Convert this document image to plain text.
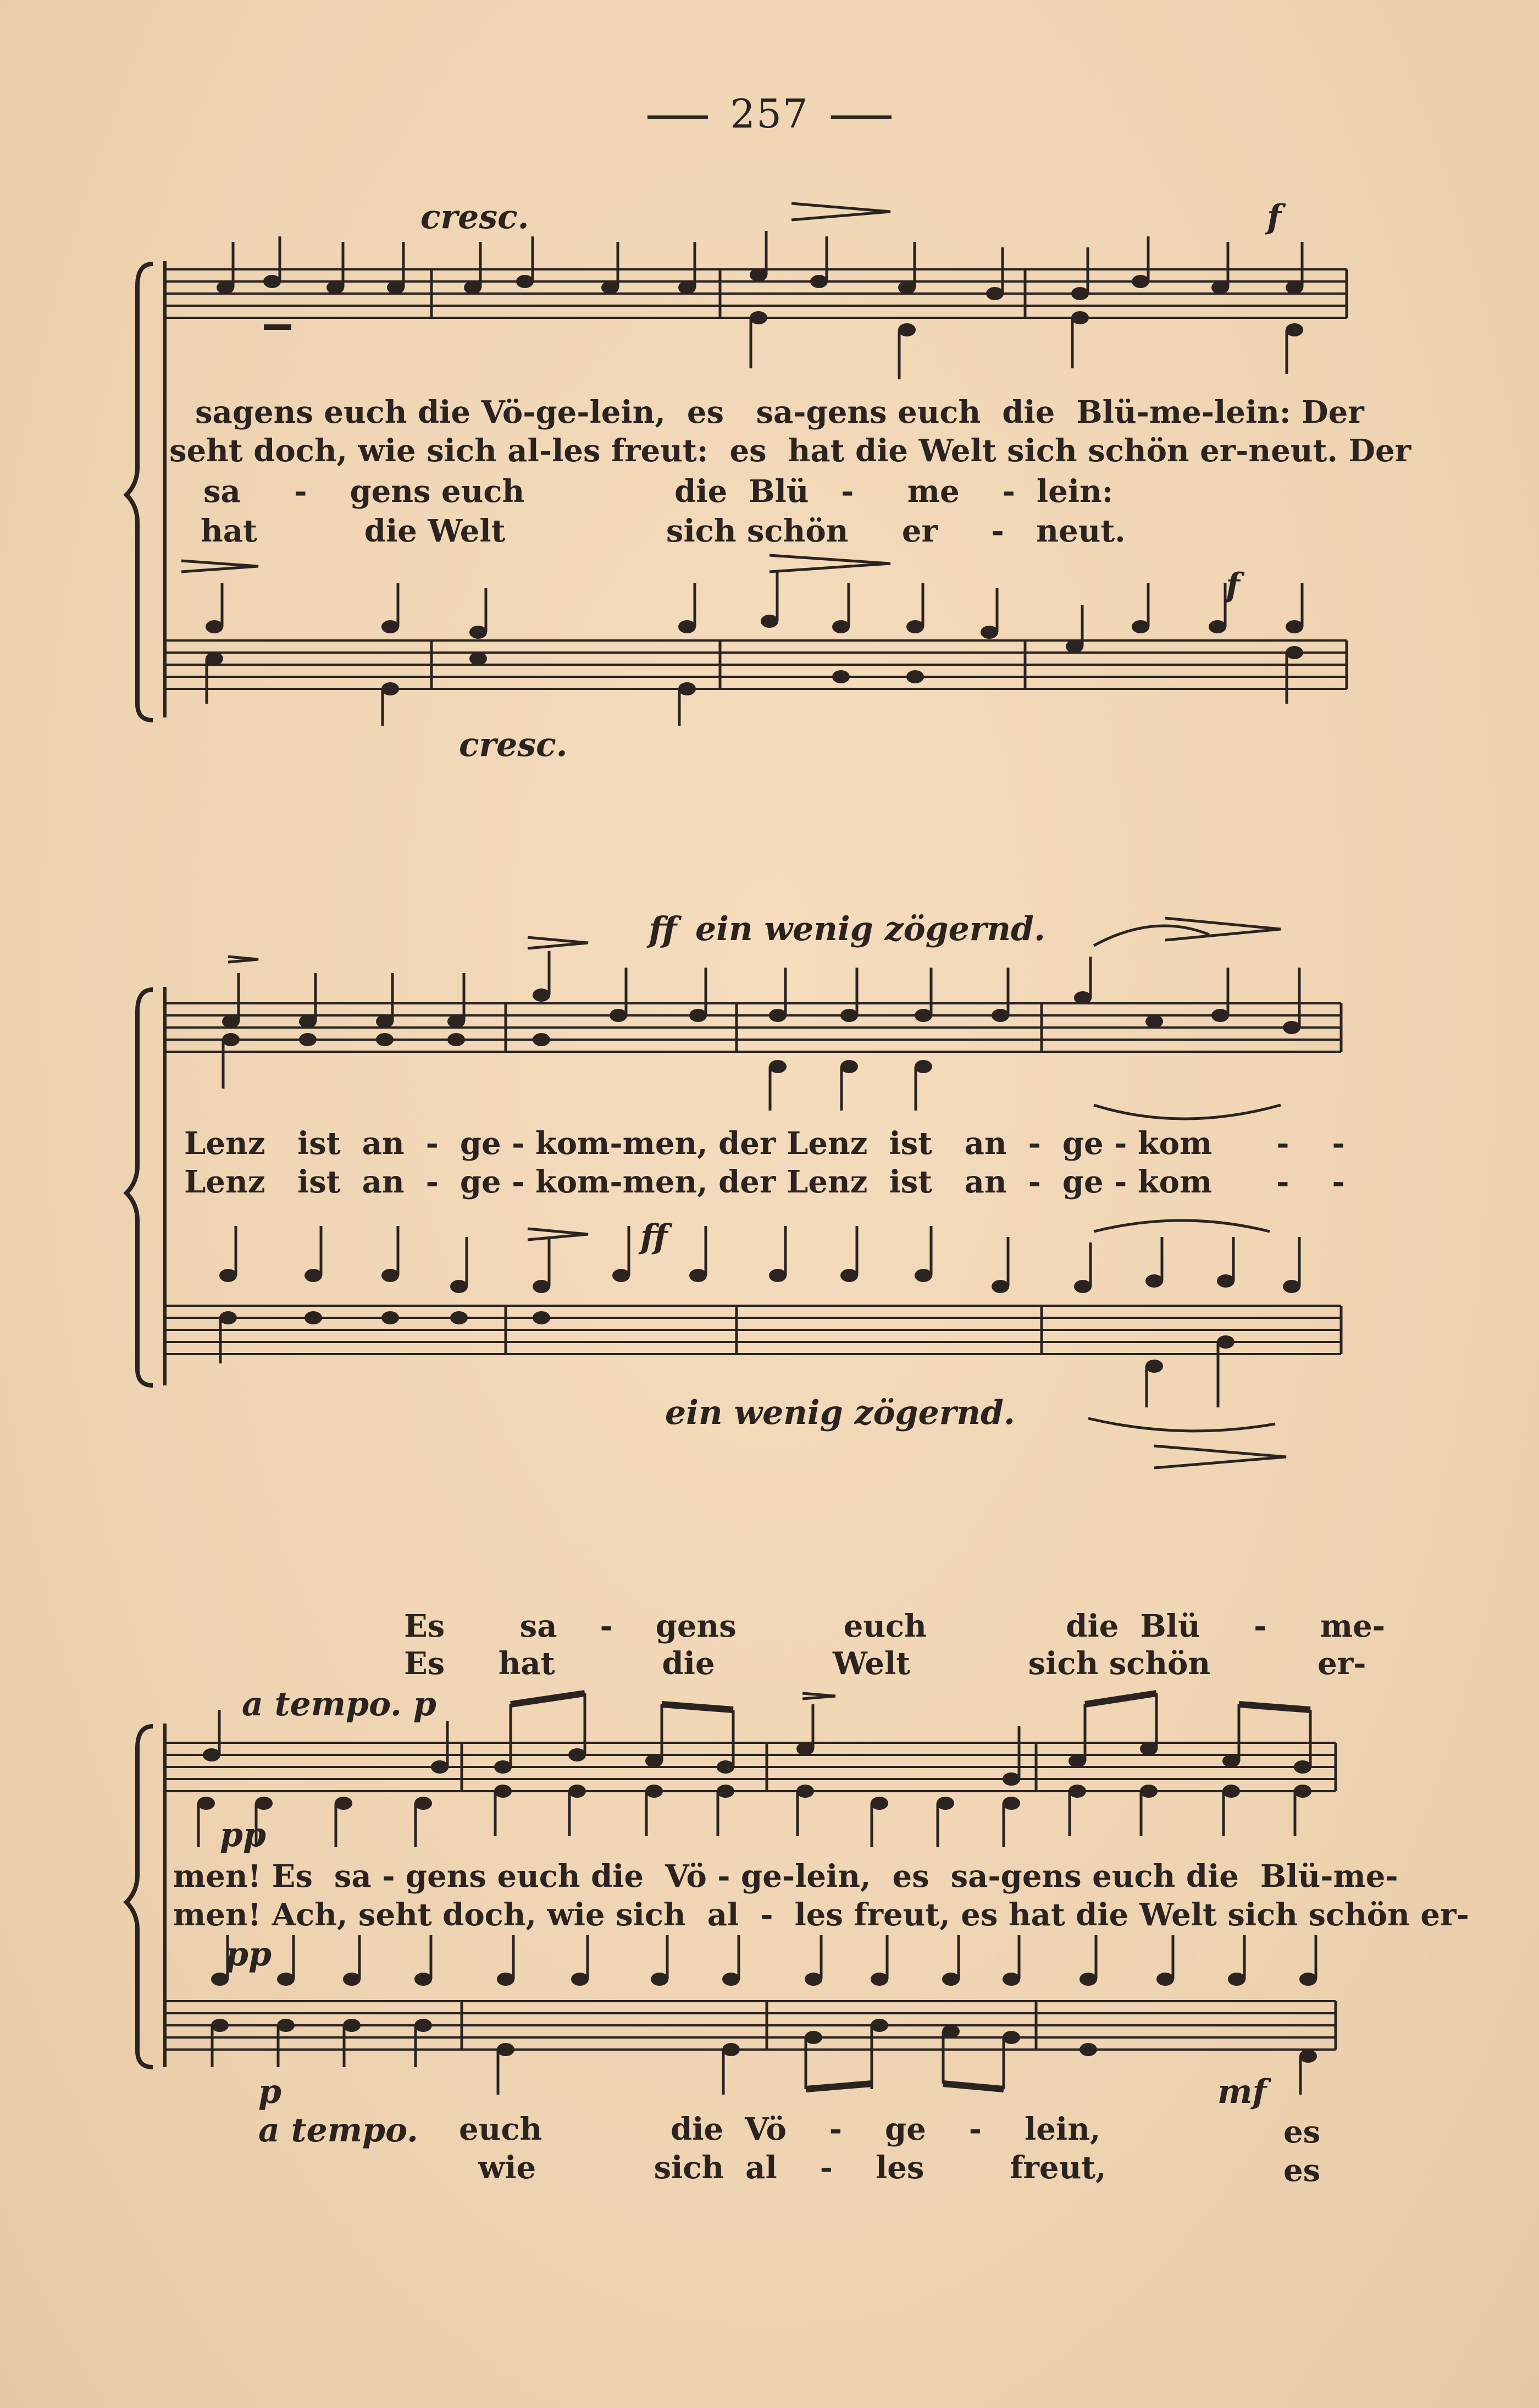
257
cresc.	f
sagens euch die Vö-ge-lein,  es   sa-gens euch  die  Blü-me-lein: Der
seht doch, wie sich al-les freut:  es  hat die Welt sich schön er-neut. Der
sa     -    gens euch              die  Blü   -     me    -  lein:
hat          die Welt               sich schön     er     -   neut.
f
cresc.
ff ein wenig zögernd.
Lenz   ist  an  -  ge - kom-men, der Lenz  ist   an  -  ge - kom      -    -
Lenz   ist  an  -  ge - kom-men, der Lenz  ist   an  -  ge - kom      -    -
ff
ein wenig zögernd.
Es       sa    -    gens          euch             die  Blü     -     me-
Es     hat          die           Welt           sich schön          er-
a tempo. p
pp
men! Es  sa - gens euch die  Vö - ge-lein,  es  sa-gens euch die  Blü-me-
men! Ach, seht doch, wie sich  al  -  les freut, es hat die Welt sich schön er-
pp
p	mf
a tempo. euch            die  Vö    -    ge    -    lein,
wie           sich  al    -    les        freut,
es
es
